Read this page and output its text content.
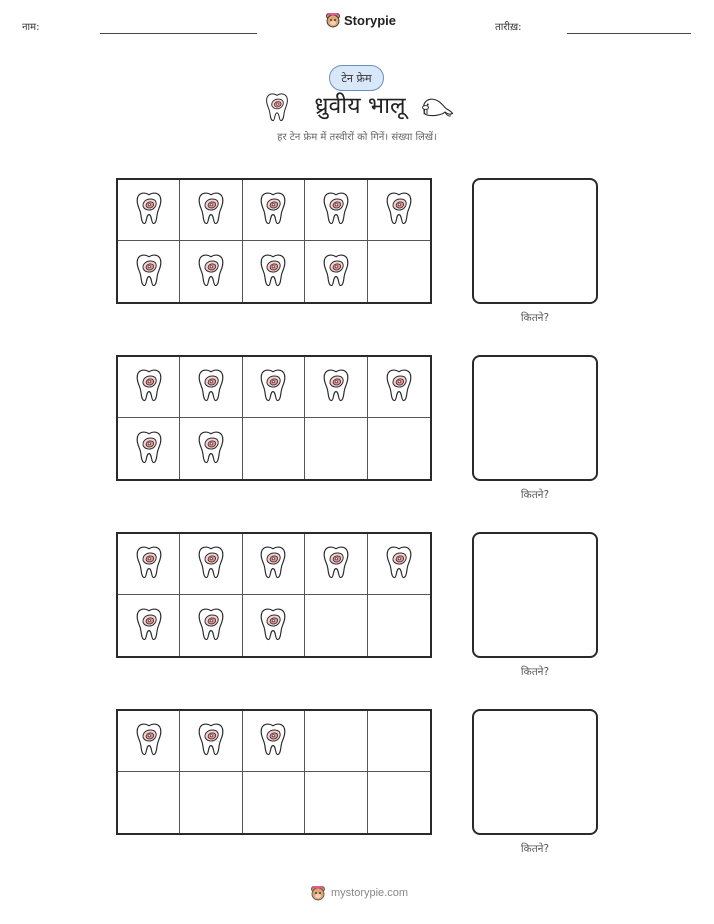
नाम:	Storypie	तारीख़:
टेन फ्रेम
ध्रुवीय भालू
हर टेन फ्रेम में तस्वीरों को गिनें। संख्या लिखें।
कितने?
कितने?
कितने?
कितने?
mystorypie.com
